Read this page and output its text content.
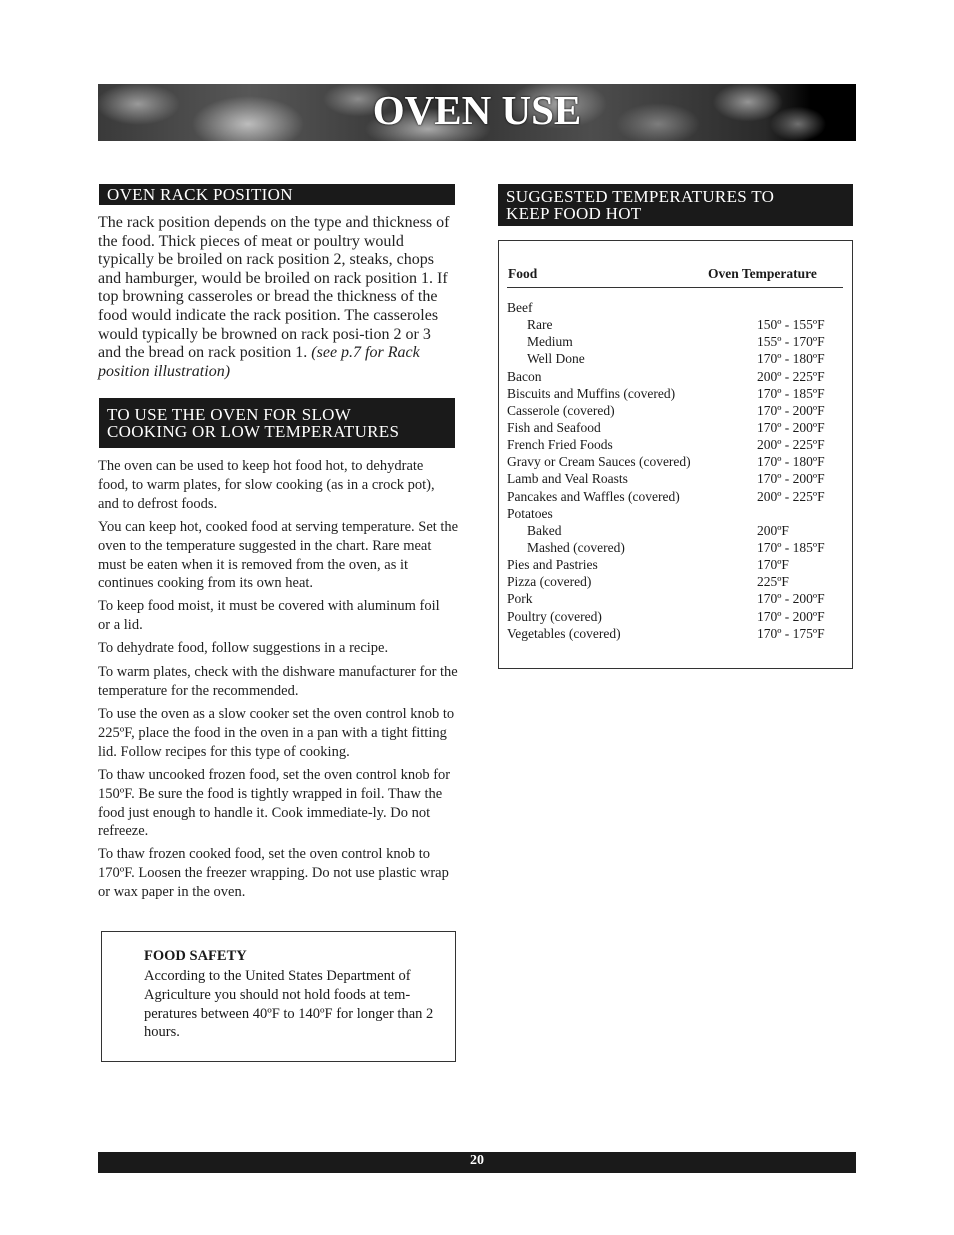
OVEN USE
OVEN RACK POSITION

The rack position depends on the type and thickness of the food. Thick pieces of meat or poultry would typically be broiled on rack position 2, steaks, chops and hamburger, would be broiled on rack position 1. If top browning casseroles or bread the thickness of the food would indicate the rack position. The casseroles would typically be browned on rack posi-tion 2 or 3 and the bread on rack position 1. (see p.7 for Rack position illustration)

TO USE THE OVEN FOR SLOW
COOKING OR LOW TEMPERATURES

The oven can be used to keep hot food hot, to dehydrate food, to warm plates, for slow cooking (as in a crock pot), and to defrost foods.

You can keep hot, cooked food at serving temperature. Set the oven to the temperature suggested in the chart. Rare meat must be eaten when it is removed from the oven, as it continues cooking from its own heat.

To keep food moist, it must be covered with aluminum foil or a lid.

To dehydrate food, follow suggestions in a recipe.

To warm plates, check with the dishware manufacturer for the temperature for the recommended.

To use the oven as a slow cooker set the oven control knob to 225ºF, place the food in the oven in a pan with a tight fitting lid. Follow recipes for this type of cooking.

To thaw uncooked frozen food, set the oven control knob for 150ºF. Be sure the food is tightly wrapped in foil. Thaw the food just enough to handle it. Cook immediate-ly. Do not refreeze.

To thaw frozen cooked food, set the oven control knob to 170ºF. Loosen the freezer wrapping. Do not use plastic wrap or wax paper in the oven.

FOOD SAFETY

According to the United States Department of Agriculture you should not hold foods at tem-peratures between 40ºF to 140ºF for longer than 2 hours.

SUGGESTED TEMPERATURES TO
KEEP FOOD HOT
Food	Oven Temperature
Beef
Rare	150º - 155ºF
Medium	155º - 170ºF
Well Done	170º - 180ºF
Bacon	200º - 225ºF
Biscuits and Muffins (covered)	170º - 185ºF
Casserole (covered)	170º - 200ºF
Fish and Seafood	170º - 200ºF
French Fried Foods	200º - 225ºF
Gravy or Cream Sauces (covered)	170º - 180ºF
Lamb and Veal Roasts	170º - 200ºF
Pancakes and Waffles (covered)	200º - 225ºF
Potatoes
Baked	200ºF
Mashed (covered)	170º - 185ºF
Pies and Pastries	170ºF
Pizza (covered)	225ºF
Pork	170º - 200ºF
Poultry (covered)	170º - 200ºF
Vegetables (covered)	170º - 175ºF
20
